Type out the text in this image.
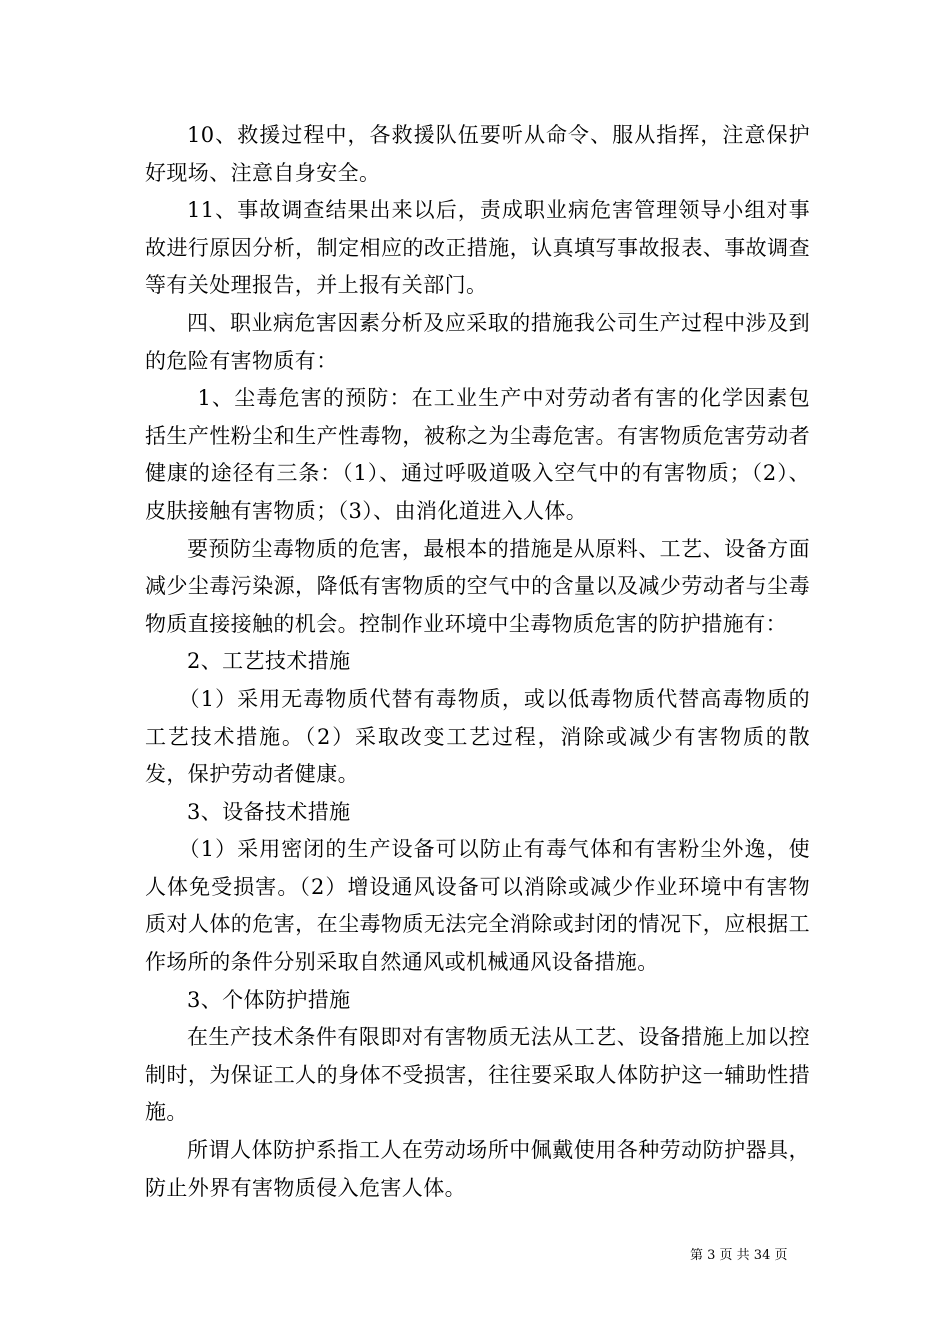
10、救援过程中，各救援队伍要听从命令、服从指挥，注意保护好现场、注意自身安全。

11、事故调查结果出来以后，责成职业病危害管理领导小组对事故进行原因分析，制定相应的改正措施，认真填写事故报表、事故调查等有关处理报告，并上报有关部门。

四、职业病危害因素分析及应采取的措施我公司生产过程中涉及到的危险有害物质有：

1、尘毒危害的预防：在工业生产中对劳动者有害的化学因素包括生产性粉尘和生产性毒物，被称之为尘毒危害。有害物质危害劳动者健康的途径有三条：（1）、通过呼吸道吸入空气中的有害物质；（2）、皮肤接触有害物质；（3）、由消化道进入人体。

要预防尘毒物质的危害，最根本的措施是从原料、工艺、设备方面减少尘毒污染源，降低有害物质的空气中的含量以及减少劳动者与尘毒物质直接接触的机会。控制作业环境中尘毒物质危害的防护措施有：

2、工艺技术措施

（1）采用无毒物质代替有毒物质，或以低毒物质代替高毒物质的工艺技术措施。（2）采取改变工艺过程，消除或减少有害物质的散发，保护劳动者健康。

3、设备技术措施

（1）采用密闭的生产设备可以防止有毒气体和有害粉尘外逸，使人体免受损害。（2）增设通风设备可以消除或减少作业环境中有害物质对人体的危害，在尘毒物质无法完全消除或封闭的情况下，应根据工作场所的条件分别采取自然通风或机械通风设备措施。

3、个体防护措施

在生产技术条件有限即对有害物质无法从工艺、设备措施上加以控制时，为保证工人的身体不受损害，往往要采取人体防护这一辅助性措施。

所谓人体防护系指工人在劳动场所中佩戴使用各种劳动防护器具，防止外界有害物质侵入危害人体。

第 3 页 共 34 页
